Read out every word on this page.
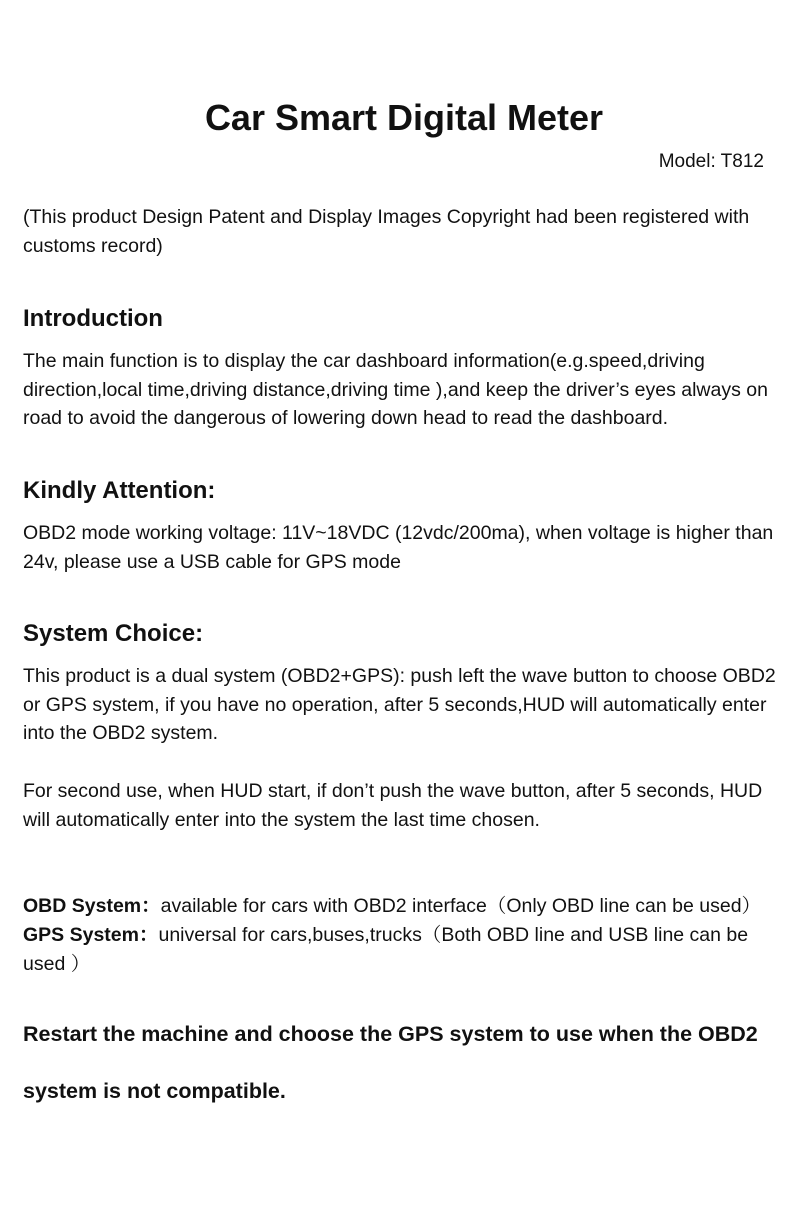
Car Smart Digital Meter
Model: T812

(This product Design Patent and Display Images Copyright had been registered with customs record)

Introduction

The main function is to display the car dashboard information(e.g.speed,driving direction,local time,driving distance,driving time ),and keep the driver’s eyes always on road to avoid the dangerous of lowering down head to read the dashboard.

Kindly Attention:

OBD2 mode working voltage: 11V~18VDC (12vdc/200ma), when voltage is higher than 24v, please use a USB cable for GPS mode

System Choice:

This product is a dual system (OBD2+GPS): push left the wave button to choose OBD2 or GPS system, if you have no operation, after 5 seconds,HUD will automatically enter into the OBD2 system.

For second use, when HUD start, if don’t push the wave button, after 5 seconds, HUD will automatically enter into the system the last time chosen.

OBD System：available for cars with OBD2 interface（Only OBD line can be used）

GPS System：universal for cars,buses,trucks（Both OBD line and USB line can be used ）

Restart the machine and choose the GPS system to use when the OBD2

system is not compatible.
